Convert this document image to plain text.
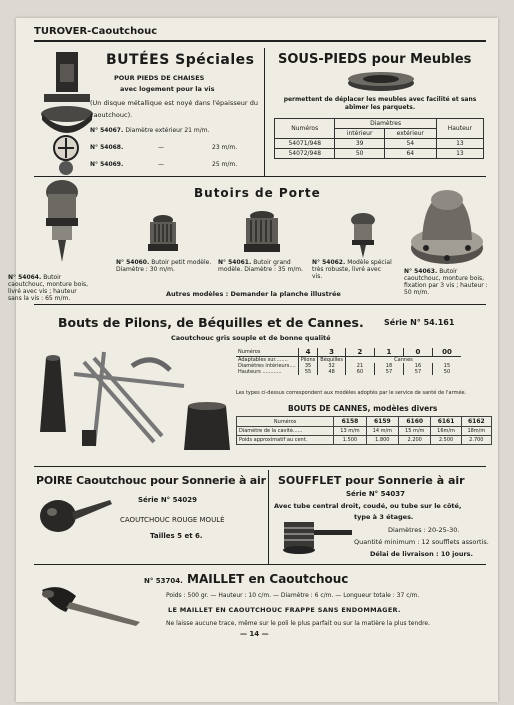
TUROVER-Caoutchouc
BUTÉES Spéciales
POUR PIEDS DE CHAISES
avec logement pour la vis
(Un disque métallique est noyé dans l'épaisseur du caoutchouc).
N° 54067. Diamètre extérieur 21 m/m.
N° 54068.	—	23 m/m.
N° 54069.	—	25 m/m.
SOUS-PIEDS pour Meubles
permettent de déplacer les meubles avec facilité et sans abîmer les parquets.
Numéros	Diamètres		Hauteur
	intérieur	extérieur	
54071/948	39	54	13
54072/948	50	64	13
Butoirs de Porte
N° 54064. Butoir caoutchouc, monture bois, livré avec vis ; hauteur sans la vis : 65 m/m.
N° 54060. Butoir petit modèle. Diamètre : 30 m/m.
N° 54061. Butoir grand modèle. Diamètre : 35 m/m.
N° 54062. Modèle spécial très robuste, livré avec vis.
N° 54063. Butoir caoutchouc, monture bois, fixation par 3 vis ; hauteur : 50 m/m.
Autres modèles : Demander la planche illustrée
Bouts de Pilons, de Béquilles et de Cannes.	Série N° 54.161
Caoutchouc gris souple et de bonne qualité
Numéros	4	3	2	1	0	00
Adaptables sur........	Pilons	Béquilles	Cannes			
Diamètres intérieurs....	35	32	21	18	16	15
Hauteurs ............	55	48	60	57	57	50
Les types ci-dessus correspondent aux modèles adoptés par le service de santé de l'armée.
BOUTS DE CANNES, modèles divers
Numéros	6158	6159	6160	6161	6162
Diamètre de la cavité......	13 m/m	14 m/m	15 m/m	16m/m	18m/m
Poids approximatif au cent.	1.500	1.800	2.200	2.500	2.700
POIRE Caoutchouc pour Sonnerie à air
Série N° 54029
CAOUTCHOUC ROUGE MOULÉ
Tailles 5 et 6.
SOUFFLET pour Sonnerie à air
Série N° 54037
Avec tube central droit, coudé, ou tube sur le côté,
type à 3 étages.
Diamètres : 20-25-30.
Quantité minimum : 12 soufflets assortis.
Délai de livraison : 10 jours.
N° 53704. MAILLET en Caoutchouc
Poids : 500 gr. — Hauteur : 10 c/m. — Diamètre : 6 c/m. — Longueur totale : 37 c/m.
LE MAILLET EN CAOUTCHOUC FRAPPE SANS ENDOMMAGER.
Ne laisse aucune trace, même sur le poli le plus parfait ou sur la matière la plus tendre.
— 14 —
